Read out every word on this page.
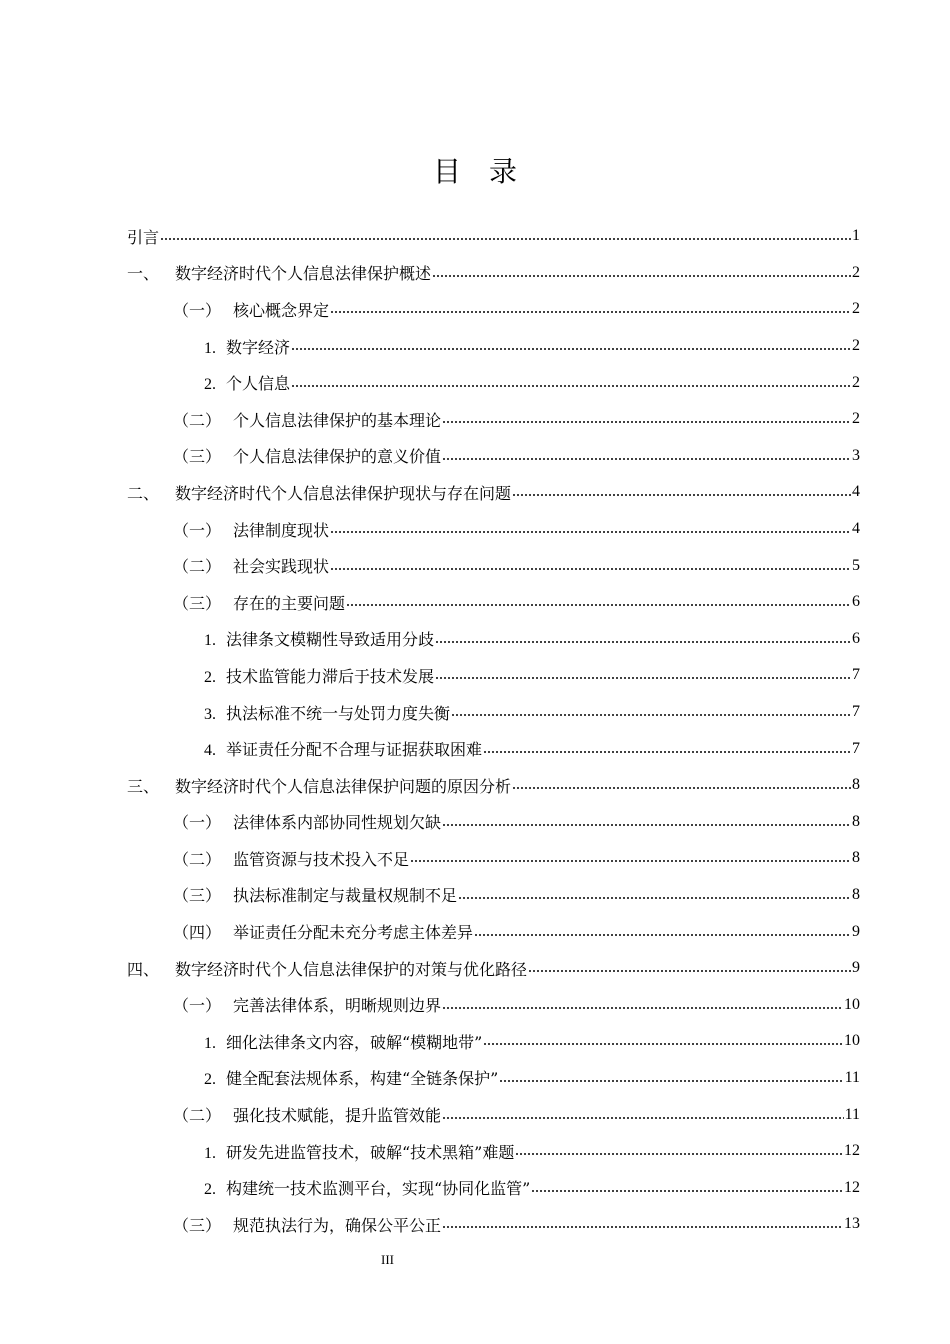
目　录
引言	1
一、 数字经济时代个人信息法律保护概述	2
（一） 核心概念界定	2
1. 数字经济	2
2. 个人信息	2
（二） 个人信息法律保护的基本理论	2
（三） 个人信息法律保护的意义价值	3
二、 数字经济时代个人信息法律保护现状与存在问题	4
（一） 法律制度现状	4
（二） 社会实践现状	5
（三） 存在的主要问题	6
1. 法律条文模糊性导致适用分歧	6
2. 技术监管能力滞后于技术发展	7
3. 执法标准不统一与处罚力度失衡	7
4. 举证责任分配不合理与证据获取困难	7
三、 数字经济时代个人信息法律保护问题的原因分析	8
（一） 法律体系内部协同性规划欠缺	8
（二） 监管资源与技术投入不足	8
（三） 执法标准制定与裁量权规制不足	8
（四） 举证责任分配未充分考虑主体差异	9
四、 数字经济时代个人信息法律保护的对策与优化路径	9
（一） 完善法律体系，明晰规则边界	10
1. 细化法律条文内容，破解“模糊地带”	10
2. 健全配套法规体系，构建“全链条保护”	11
（二） 强化技术赋能，提升监管效能	11
1. 研发先进监管技术，破解“技术黑箱”难题	12
2. 构建统一技术监测平台，实现“协同化监管”	12
（三） 规范执法行为，确保公平公正	13
III
